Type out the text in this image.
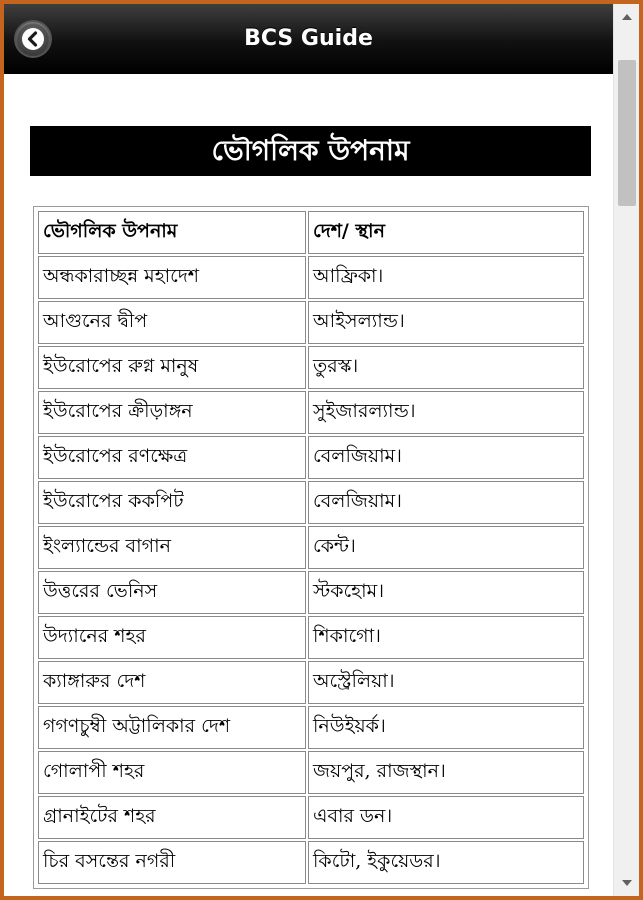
BCS Guide
ভৌগলিক উপনাম
ভৌগলিক উপনাম	দেশ/ স্থান
অন্ধকারাচ্ছন্ন মহাদেশ	আফ্রিকা।
আগুনের দ্বীপ	আইসল্যান্ড।
ইউরোপের রুগ্ন মানুষ	তুরস্ক।
ইউরোপের ক্রীড়াঙ্গন	সুইজারল্যান্ড।
ইউরোপের রণক্ষেত্র	বেলজিয়াম।
ইউরোপের ককপিট	বেলজিয়াম।
ইংল্যান্ডের বাগান	কেন্ট।
উত্তরের ভেনিস	স্টকহোম।
উদ্যানের শহর	শিকাগো।
ক্যাঙ্গারুর দেশ	অস্ট্রেলিয়া।
গগণচুম্বী অট্টালিকার দেশ	নিউইয়র্ক।
গোলাপী শহর	জয়পুর, রাজস্থান।
গ্রানাইটের শহর	এবার ডন।
চির বসন্তের নগরী	কিটো, ইকুয়েডর।
